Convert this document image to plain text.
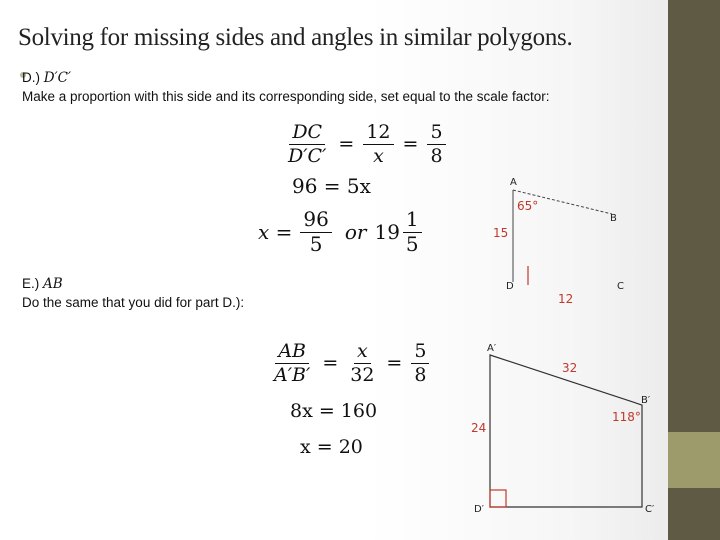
Solving for missing sides and angles in similar polygons.
D.) D′C′
Make a proportion with this side and its corresponding side, set equal to the scale factor:
$\frac{DC}{D'C'} = \frac{12}{x} = \frac{5}{8}$
96 = 5x
$x = \frac{96}{5}$ or $19 \frac{1}{5}$
E.) AB
Do the same that you did for part D.):
$\frac{AB}{A'B'} = \frac{x}{32} = \frac{5}{8}$
8x = 160
x = 20
A
B
D	C
65°
15
12
A′
B′
D′	C′
32
24
118°
